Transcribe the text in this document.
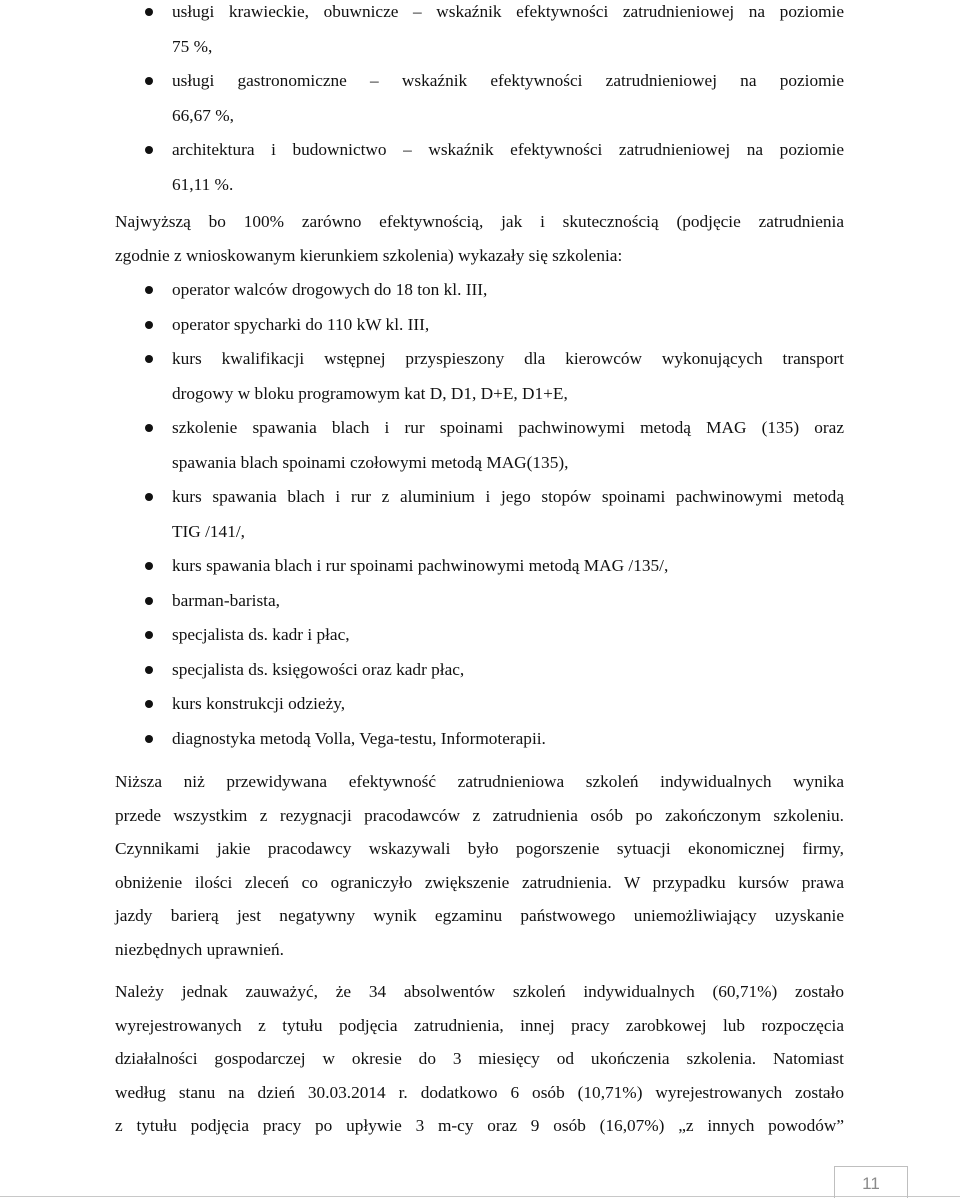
usługi krawieckie, obuwnicze – wskaźnik efektywności zatrudnieniowej na poziomie
75 %,
usługi gastronomiczne – wskaźnik efektywności zatrudnieniowej na poziomie
66,67 %,
architektura i budownictwo – wskaźnik efektywności zatrudnieniowej na poziomie
61,11 %.
Najwyższą bo 100% zarówno efektywnością, jak i skutecznością (podjęcie zatrudnienia
zgodnie z wnioskowanym kierunkiem szkolenia) wykazały się szkolenia:
operator walców drogowych do 18 ton kl. III,
operator spycharki do 110 kW kl. III,
kurs kwalifikacji wstępnej przyspieszony dla kierowców wykonujących transport
drogowy w bloku programowym kat D, D1, D+E, D1+E,
szkolenie spawania blach i rur spoinami pachwinowymi metodą MAG (135) oraz
spawania blach spoinami czołowymi metodą MAG(135),
kurs spawania blach i rur z aluminium i jego stopów spoinami pachwinowymi metodą
TIG /141/,
kurs spawania blach i rur spoinami pachwinowymi metodą MAG /135/,
barman-barista,
specjalista ds. kadr i płac,
specjalista ds. księgowości oraz kadr płac,
kurs konstrukcji odzieży,
diagnostyka metodą Volla, Vega-testu, Informoterapii.
Niższa niż przewidywana efektywność zatrudnieniowa szkoleń indywidualnych wynika
przede wszystkim z rezygnacji pracodawców z zatrudnienia osób po zakończonym szkoleniu.
Czynnikami jakie pracodawcy wskazywali było pogorszenie sytuacji ekonomicznej firmy,
obniżenie ilości zleceń co ograniczyło zwiększenie zatrudnienia. W przypadku kursów prawa
jazdy barierą jest negatywny wynik egzaminu państwowego uniemożliwiający uzyskanie
niezbędnych uprawnień.
Należy jednak zauważyć, że 34 absolwentów szkoleń indywidualnych (60,71%) zostało
wyrejestrowanych z tytułu podjęcia zatrudnienia, innej pracy zarobkowej lub rozpoczęcia
działalności gospodarczej w okresie do 3 miesięcy od ukończenia szkolenia. Natomiast
według stanu na dzień 30.03.2014 r. dodatkowo 6 osób (10,71%) wyrejestrowanych zostało
z tytułu podjęcia pracy po upływie 3 m-cy oraz 9 osób (16,07%) „z innych powodów”
11
